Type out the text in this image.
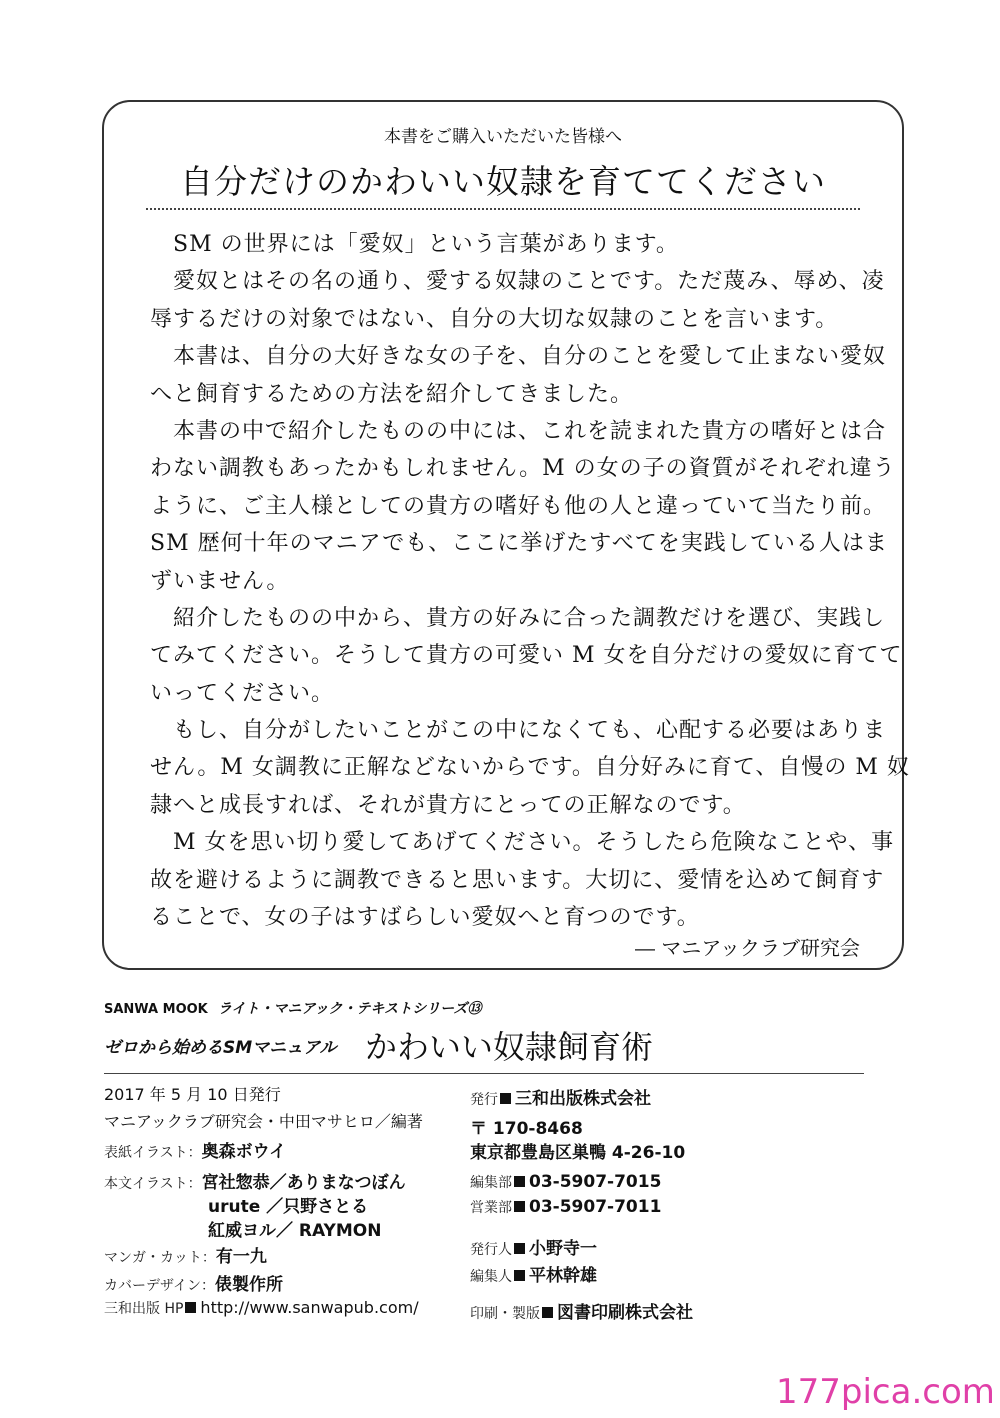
本書をご購入いただいた皆様へ
自分だけのかわいい奴隷を育ててください
　SM の世界には「愛奴」という言葉があります。
　愛奴とはその名の通り、愛する奴隷のことです。ただ蔑み、辱め、凌
辱するだけの対象ではない、自分の大切な奴隷のことを言います。
　本書は、自分の大好きな女の子を、自分のことを愛して止まない愛奴
へと飼育するための方法を紹介してきました。
　本書の中で紹介したものの中には、これを読まれた貴方の嗜好とは合
わない調教もあったかもしれません。M の女の子の資質がそれぞれ違う
ように、ご主人様としての貴方の嗜好も他の人と違っていて当たり前。
SM 歴何十年のマニアでも、ここに挙げたすべてを実践している人はま
ずいません。
　紹介したものの中から、貴方の好みに合った調教だけを選び、実践し
てみてください。そうして貴方の可愛い M 女を自分だけの愛奴に育てて
いってください。
　もし、自分がしたいことがこの中になくても、心配する必要はありま
せん。M 女調教に正解などないからです。自分好みに育て、自慢の M 奴
隷へと成長すれば、それが貴方にとっての正解なのです。
　M 女を思い切り愛してあげてください。そうしたら危険なことや、事
故を避けるように調教できると思います。大切に、愛情を込めて飼育す
ることで、女の子はすばらしい愛奴へと育つのです。
― マニアックラブ研究会
SANWA MOOK ライト・マニアック・テキストシリーズ⑬
ゼロから始めるSMマニュアル かわいい奴隷飼育術
2017 年 5 月 10 日発行
マニアックラブ研究会・中田マサヒロ／編著
表紙イラスト：奥森ボウイ
本文イラスト：宮社惣恭／ありまなつぼん
urute ／只野さとる
紅威ヨル／ RAYMON
マンガ・カット：有一九
カバーデザイン：俵製作所
三和出版 HP http://www.sanwapub.com/
発行 三和出版株式会社
〒 170-8468
東京都豊島区巣鴨 4-26-10
編集部 03-5907-7015
営業部 03-5907-7011
発行人 小野寺一
編集人 平林幹雄
印刷・製版 図書印刷株式会社
177pica.com
